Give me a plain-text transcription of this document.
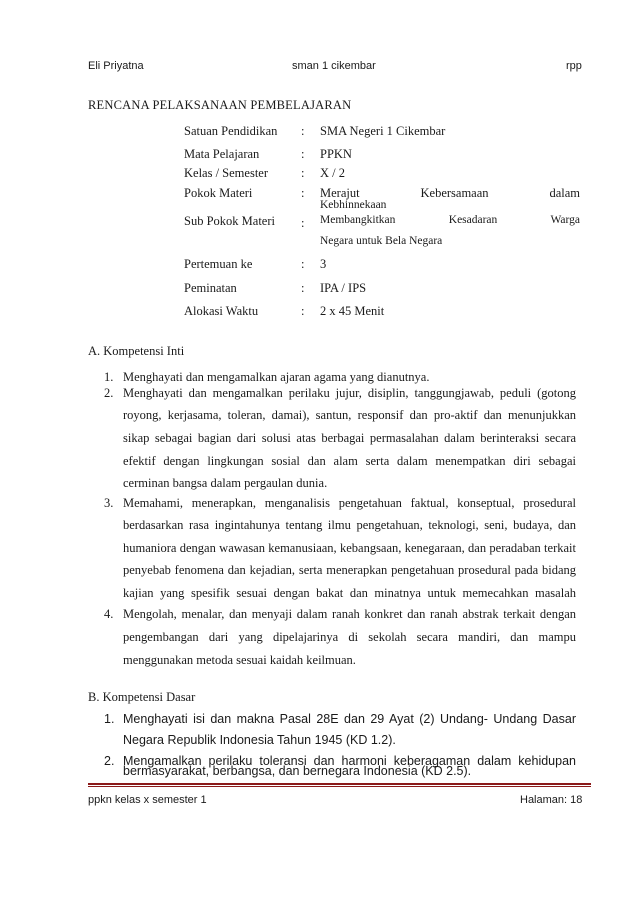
Eli Priyatna	sman 1 cikembar	rpp
RENCANA PELAKSANAAN PEMBELAJARAN
Satuan Pendidikan : SMA Negeri 1 Cikembar
Mata Pelajaran	: PPKN
Kelas / Semester	: X / 2
Pokok Materi	: Merajut Kebersamaan dalam
Kebhinnekaan
Sub Pokok Materi : Membangkitkan Kesadaran Warga
Negara untuk Bela Negara
Pertemuan ke	: 3
Peminatan	: IPA / IPS
Alokasi Waktu	: 2 x 45 Menit
A. Kompetensi Inti
1. Menghayati dan mengamalkan ajaran agama yang dianutnya.
2. Menghayati dan mengamalkan perilaku jujur, disiplin, tanggungjawab, peduli (gotong
royong, kerjasama, toleran, damai), santun, responsif dan pro-aktif dan menunjukkan
sikap sebagai bagian dari solusi atas berbagai permasalahan dalam berinteraksi secara
efektif dengan lingkungan sosial dan alam serta dalam menempatkan diri sebagai
cerminan bangsa dalam pergaulan dunia.
3. Memahami, menerapkan, menganalisis pengetahuan faktual, konseptual, prosedural
berdasarkan rasa ingintahunya tentang ilmu pengetahuan, teknologi, seni, budaya, dan
humaniora dengan wawasan kemanusiaan, kebangsaan, kenegaraan, dan peradaban terkait
penyebab fenomena dan kejadian, serta menerapkan pengetahuan prosedural pada bidang
kajian yang spesifik sesuai dengan bakat dan minatnya untuk memecahkan masalah
4. Mengolah, menalar, dan menyaji dalam ranah konkret dan ranah abstrak terkait dengan
pengembangan dari yang dipelajarinya di sekolah secara mandiri, dan mampu
menggunakan metoda sesuai kaidah keilmuan.
B. Kompetensi Dasar
1. Menghayati isi dan makna Pasal 28E dan 29 Ayat (2) Undang- Undang Dasar
Negara Republik Indonesia Tahun 1945 (KD 1.2).
2. Mengamalkan perilaku toleransi dan harmoni keberagaman dalam kehidupan
bermasyarakat, berbangsa, dan bernegara Indonesia (KD 2.5).
ppkn kelas x semester 1	Halaman: 18
